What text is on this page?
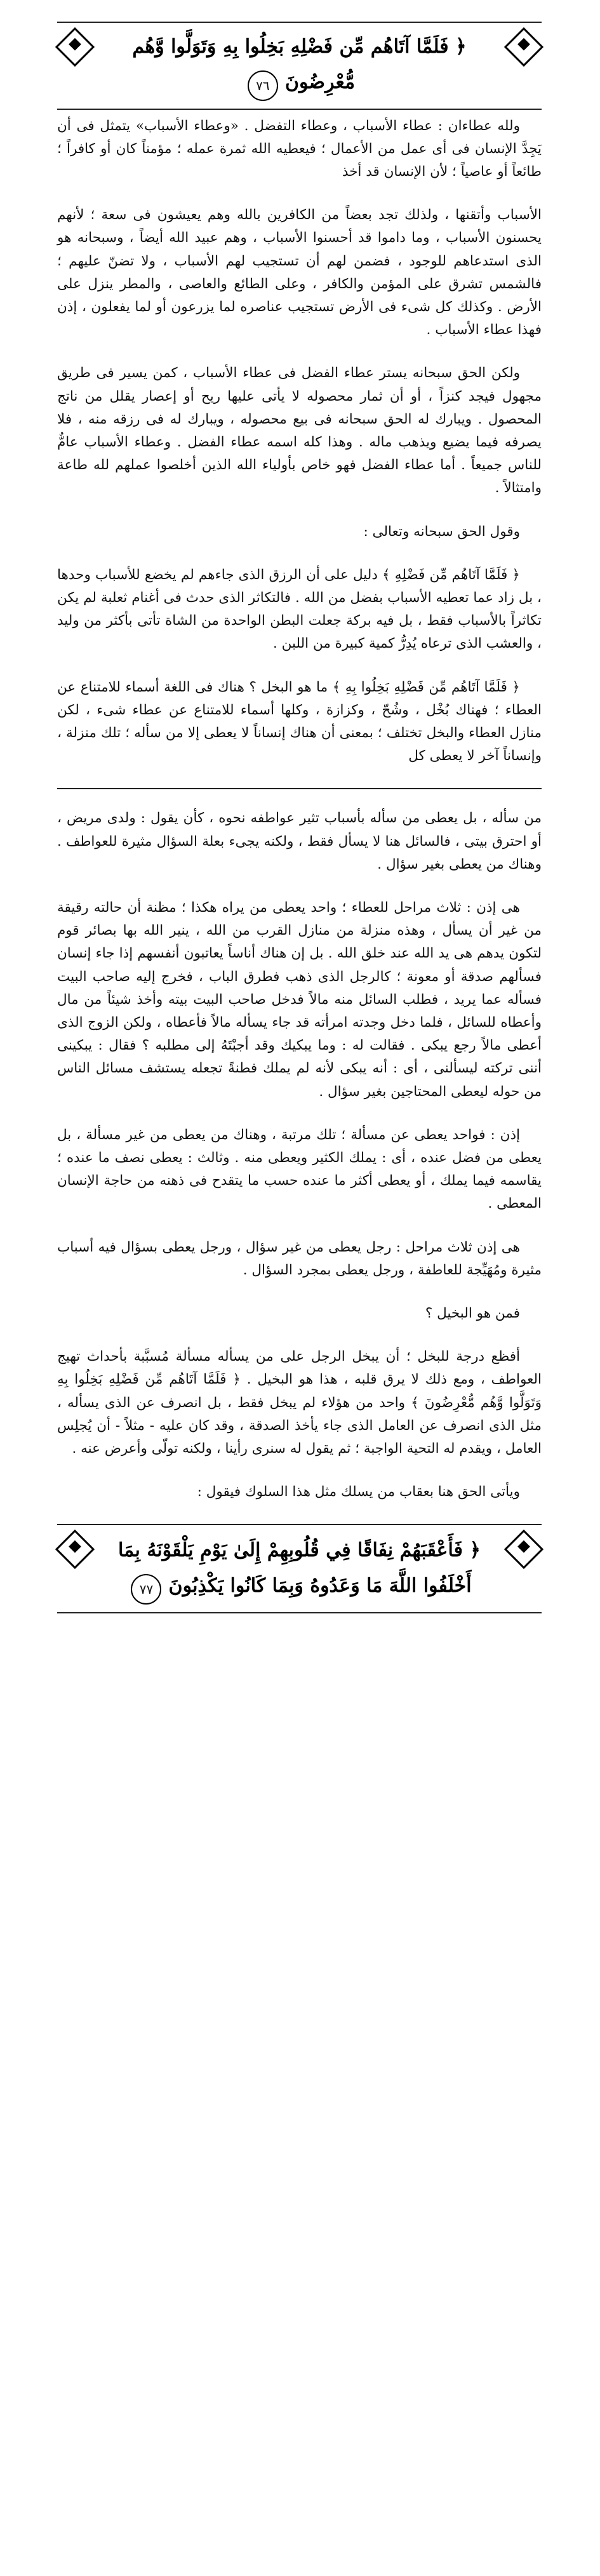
﴿ فَلَمَّا آتَاهُم مِّن فَضْلِهِ بَخِلُوا بِهِ وَتَوَلَّوا وَّهُم مُّعْرِضُونَ ٧٦

ولله عطاءان : عطاء الأسباب ، وعطاء التفضل . «وعطاء الأسباب» يتمثل فى أن يَجِدَّ الإنسان فى أى عمل من الأعمال ؛ فيعطيه الله ثمرة عمله ؛ مؤمناً كان أو كافراً ؛ طائعاً أو عاصياً ؛ لأن الإنسان قد أخذ

الأسباب وأتقنها ، ولذلك تجد بعضاً من الكافرين بالله وهم يعيشون فى سعة ؛ لأنهم يحسنون الأسباب ، وما داموا قد أحسنوا الأسباب ، وهم عبيد الله أيضاً ، وسبحانه هو الذى استدعاهم للوجود ، فضمن لهم أن تستجيب لهم الأسباب ، ولا تضنّ عليهم ؛ فالشمس تشرق على المؤمن والكافر ، وعلى الطائع والعاصى ، والمطر ينزل على الأرض . وكذلك كل شىء فى الأرض تستجيب عناصره لما يزرعون أو لما يفعلون ، إذن فهذا عطاء الأسباب .

ولكن الحق سبحانه يستر عطاء الفضل فى عطاء الأسباب ، كمن يسير فى طريق مجهول فيجد كنزاً ، أو أن ثمار محصوله لا يأتى عليها ريح أو إعصار يقلل من ناتج المحصول . ويبارك له الحق سبحانه فى بيع محصوله ، ويبارك له فى رزقه منه ، فلا يصرفه فيما يضيع ويذهب ماله . وهذا كله اسمه عطاء الفضل . وعطاء الأسباب عامٌّ للناس جميعاً . أما عطاء الفضل فهو خاص بأولياء الله الذين أخلصوا عملهم لله طاعة وامتثالاً .

وقول الحق سبحانه وتعالى :

﴿ فَلَمَّا آتَاهُم مِّن فَضْلِهِ ﴾ دليل على أن الرزق الذى جاءهم لم يخضع للأسباب وحدها ، بل زاد عما تعطيه الأسباب بفضل من الله . فالتكاثر الذى حدث فى أغنام ثعلبة لم يكن تكاثراً بالأسباب فقط ، بل فيه بركة جعلت البطن الواحدة من الشاة تأتى بأكثر من وليد ، والعشب الذى ترعاه يُدِرُّ كمية كبيرة من اللبن .

﴿ فَلَمَّا آتَاهُم مِّن فَضْلِهِ بَخِلُوا بِهِ ﴾ ما هو البخل ؟ هناك فى اللغة أسماء للامتناع عن العطاء ؛ فهناك بُخْل ، وشُحّ ، وكزازة ، وكلها أسماء للامتناع عن عطاء شىء ، لكن منازل العطاء والبخل تختلف ؛ بمعنى أن هناك إنساناً لا يعطى إلا من سأله ؛ تلك منزلة ، وإنساناً آخر لا يعطى كل

من سأله ، بل يعطى من سأله بأسباب تثير عواطفه نحوه ، كأن يقول : ولدى مريض ، أو احترق بيتى ، فالسائل هنا لا يسأل فقط ، ولكنه يجىء بعلة السؤال مثيرة للعواطف . وهناك من يعطى بغير سؤال .

هى إذن : ثلاث مراحل للعطاء ؛ واحد يعطى من يراه هكذا ؛ مظنة أن حالته رقيقة من غير أن يسأل ، وهذه منزلة من منازل القرب من الله ، ينير الله بها بصائر قوم لتكون يدهم هى يد الله عند خلق الله . بل إن هناك أناساً يعاتبون أنفسهم إذا جاء إنسان فسألهم صدقة أو معونة ؛ كالرجل الذى ذهب فطرق الباب ، فخرج إليه صاحب البيت فسأله عما يريد ، فطلب السائل منه مالاً فدخل صاحب البيت بيته وأخذ شيئاً من مال وأعطاه للسائل ، فلما دخل وجدته امرأته قد جاء يسأله مالاً فأعطاه ، ولكن الزوج الذى أعطى مالاً رجع يبكى . فقالت له : وما يبكيك وقد أجبْتَهُ إلى مطلبه ؟ فقال : يبكينى أننى تركته ليسألنى ، أى : أنه يبكى لأنه لم يملك فطنةً تجعله يستشف مسائل الناس من حوله ليعطى المحتاجين بغير سؤال .

إذن : فواحد يعطى عن مسألة ؛ تلك مرتبة ، وهناك من يعطى من غير مسألة ، بل يعطى من فضل عنده ، أى : يملك الكثير ويعطى منه . وثالث : يعطى نصف ما عنده ؛ يقاسمه فيما يملك ، أو يعطى أكثر ما عنده حسب ما يتقدح فى ذهنه من حاجة الإنسان المعطى .

هى إذن ثلاث مراحل : رجل يعطى من غير سؤال ، ورجل يعطى بسؤال فيه أسباب مثيرة ومُهَيِّجة للعاطفة ، ورجل يعطى بمجرد السؤال .

فمن هو البخيل ؟

أفظع درجة للبخل ؛ أن يبخل الرجل على من يسأله مسألة مُسبَّبة بأحداث تهيج العواطف ، ومع ذلك لا يرق قلبه ، هذا هو البخيل . ﴿ فَلَمَّا آتَاهُم مِّن فَضْلِهِ بَخِلُوا بِهِ وَتَوَلَّوا وَّهُم مُّعْرِضُونَ ﴾ واحد من هؤلاء لم يبخل فقط ، بل انصرف عن الذى يسأله ، مثل الذى انصرف عن العامل الذى جاء يأخذ الصدقة ، وقد كان عليه - مثلاً - أن يُجلِس العامل ، ويقدم له التحية الواجبة ؛ ثم يقول له سنرى رأينا ، ولكنه تولّى وأعرض عنه .

ويأتى الحق هنا بعقاب من يسلك مثل هذا السلوك فيقول :

﴿ فَأَعْقَبَهُمْ نِفَاقًا فِي قُلُوبِهِمْ إِلَىٰ يَوْمِ يَلْقَوْنَهُ بِمَا أَخْلَفُوا اللَّهَ مَا وَعَدُوهُ وَبِمَا كَانُوا يَكْذِبُونَ ٧٧
